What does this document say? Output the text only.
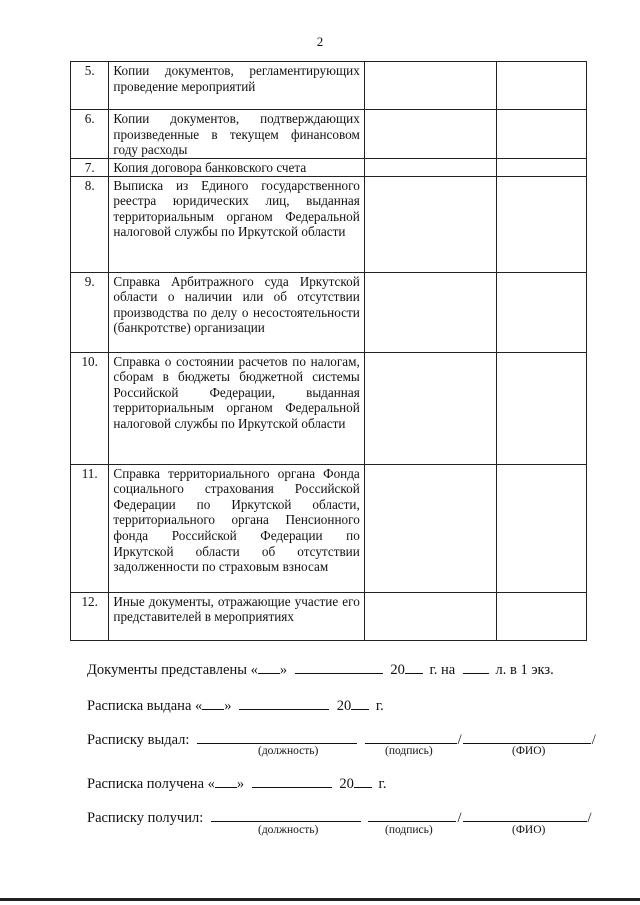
2
5.	Копии документов, регламентирующих проведение мероприятий		
6.	Копии документов, подтверждающих произведенные в текущем финансовом году расходы		
7.	Копия договора банковского счета		
8.	Выписка из Единого государственного реестра юридических лиц, выданная территориальным органом Федеральной налоговой службы по Иркутской области		
9.	Справка Арбитражного суда Иркутской области о наличии или об отсутствии производства по делу о несостоятельности (банкротстве) организации		
10.	Справка о состоянии расчетов по налогам, сборам в бюджеты бюджетной системы Российской Федерации, выданная территориальным органом Федеральной налоговой службы по Иркутской области		
11.	Справка территориального органа Фонда социального страхования Российской Федерации по Иркутской области, территориального органа Пенсионного фонда Российской Федерации по Иркутской области об отсутствии задолженности по страховым взносам		
12.	Иные документы, отражающие участие его представителей в мероприятиях		
Документы представлены « »	20 г. на	л. в 1 экз.
Расписка выдана « »	20 г.
Расписку выдал:	/	/
(должность)	(подпись)	(ФИО)
Расписка получена « »	20 г.
Расписку получил:	/	/
(должность)	(подпись)	(ФИО)
